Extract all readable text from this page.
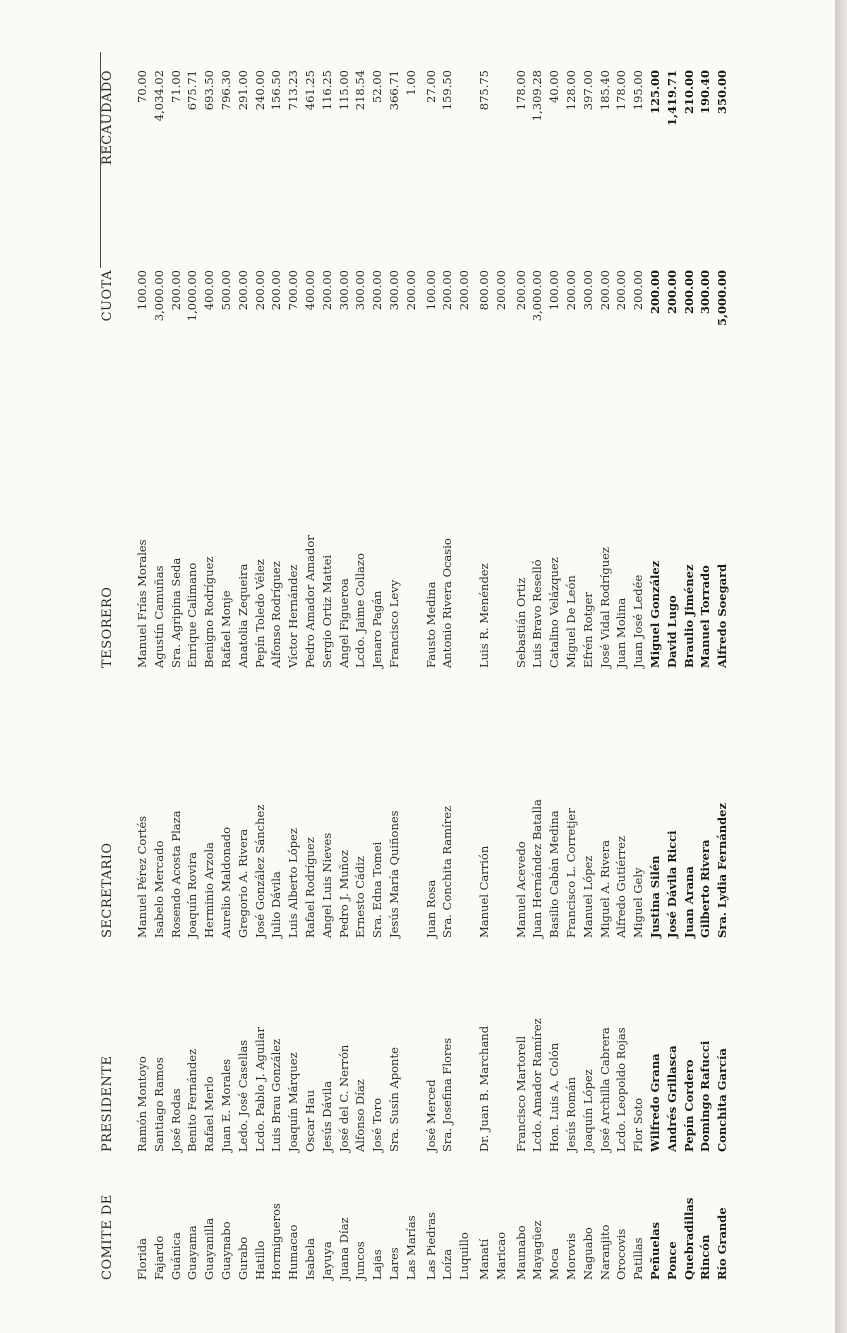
COMITE DE
PRESIDENTE
SECRETARIO
TESORERO
CUOTA
RECAUDADO
Florida
Ramón Montoyo
Manuel Pérez Cortés
Manuel Frías Morales
100.00
70.00
Fajardo
Santiago Ramos
Isabelo Mercado
Agustín Camuñas
3,000.00
4,034.02
Guánica
José Rodas
Rosendo Acosta Plaza
Sra. Agripina Seda
200.00
71.00
Guayama
Benito Fernández
Joaquín Rovira
Enrique Calimano
1,000.00
675.71
Guayanilla
Rafael Merlo
Herminio Arzola
Benigno Rodríguez
400.00
693.50
Guaynabo
Juan E. Morales
Aurelio Maldonado
Rafael Monje
500.00
796.30
Gurabo
Ledo. José Casellas
Gregorio A. Rivera
Anatolia Zequeira
200.00
291.00
Hatillo
Lcdo. Pablo J. Aguilar
José González Sánchez
Pepín Toledo Vélez
200.00
240.00
Hormigueros
Luis Brau González
Julio Dávila
Alfonso Rodríguez
200.00
156.50
Humacao
Joaquín Márquez
Luis Alberto López
Víctor Hernández
700.00
713.23
Isabela
Oscar Hau
Rafael Rodríguez
Pedro Amador Amador
400.00
461.25
Jayuya
Jesús Dávila
Angel Luis Nieves
Sergio Ortiz Mattei
200.00
116.25
Juana Díaz
José del C. Nerrón
Pedro J. Muñoz
Angel Figueroa
300.00
115.00
Juncos
Alfonso Díaz
Ernesto Cádiz
Lcdo. Jaime Collazo
300.00
218.54
Lajas
José Toro
Sra. Edna Tomei
Jenaro Pagán
200.00
52.00
Lares
Sra. Susín Aponte
Jesús María Quiñones
Francisco Levy
300.00
366.71
Las Marías
200.00
1.00
Las Piedras
José Merced
Juan Rosa
Fausto Medina
100.00
27.00
Loíza
Sra. Josefina Flores
Sra. Conchita Ramírez
Antonio Rivera Ocasio
200.00
159.50
Luquillo
200.00
Manatí
Dr. Juan B. Marchand
Manuel Carrión
Luis R. Menéndez
800.00
875.75
Maricao
200.00
Maunabo
Francisco Martorell
Manuel Acevedo
Sebastián Ortiz
200.00
178.00
Mayagüez
Lcdo. Amador Ramírez
Juan Hernández Batalla
Luis Bravo Reselló
3,000.00
1,309.28
Moca
Hon. Luis A. Colón
Basilio Cabán Medina
Catalino Velázquez
100.00
40.00
Morovis
Jesús Román
Francisco L. Corretjer
Miguel De León
200.00
128.00
Naguabo
Joaquín López
Manuel López
Efrén Rotger
300.00
397.00
Naranjito
José Archilla Cabrera
Miguel A. Rivera
José Vidal Rodríguez
200.00
185.40
Orocovis
Lcdo. Leopoldo Rojas
Alfredo Gutiérrez
Juan Molina
200.00
178.00
Patillas
Flor Soto
Miguel Gely
Juan José Ledée
200.00
195.00
Peñuelas
Wilfredo Grana
Justina Silén
Miguel González
200.00
125.00
Ponce
Andrés Grillasca
José Dávila Ricci
David Lugo
200.00
1,419.71
Quebradillas
Pepín Cordero
Juan Arana
Braulio Jiménez
200.00
210.00
Rincón
Domingo Rafucci
Gilberto Rivera
Manuel Torrado
300.00
190.40
Río Grande
Conchita García
Sra. Lydia Fernández
Alfredo Soegard
5,000.00
350.00
